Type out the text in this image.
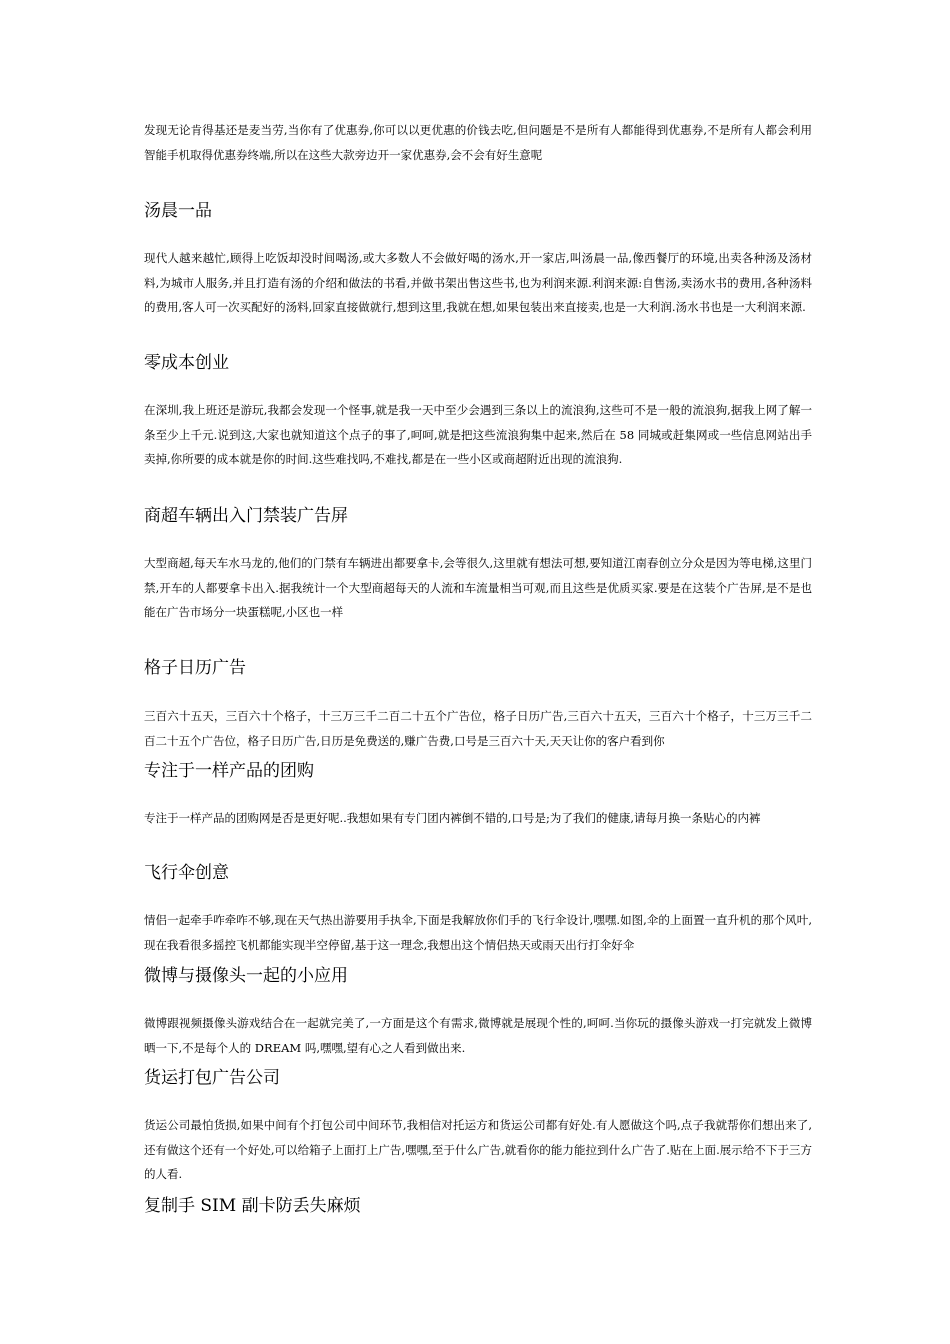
发现无论肯得基还是麦当劳,当你有了优惠券,你可以以更优惠的价钱去吃,但问题是不是所有人都能得到优惠券,不是所有人都会利用智能手机取得优惠券终端,所以在这些大款旁边开一家优惠券,会不会有好生意呢

汤晨一品

现代人越来越忙,顾得上吃饭却没时间喝汤,或大多数人不会做好喝的汤水,开一家店,叫汤晨一品,像西餐厅的环境,出卖各种汤及汤材料,为城市人服务,并且打造有汤的介绍和做法的书看,并做书架出售这些书,也为利润来源.利润来源:自售汤,卖汤水书的费用,各种汤料的费用,客人可一次买配好的汤料,回家直接做就行,想到这里,我就在想,如果包装出来直接卖,也是一大利润.汤水书也是一大利润来源.

零成本创业

在深圳,我上班还是游玩,我都会发现一个怪事,就是我一天中至少会遇到三条以上的流浪狗,这些可不是一般的流浪狗,据我上网了解一条至少上千元.说到这,大家也就知道这个点子的事了,呵呵,就是把这些流浪狗集中起来,然后在 58 同城或赶集网或一些信息网站出手卖掉,你所要的成本就是你的时间.这些难找吗,不难找,都是在一些小区或商超附近出现的流浪狗.

商超车辆出入门禁装广告屏

大型商超,每天车水马龙的,他们的门禁有车辆进出都要拿卡,会等很久,这里就有想法可想,要知道江南春创立分众是因为等电梯,这里门禁,开车的人都要拿卡出入.据我统计一个大型商超每天的人流和车流量相当可观,而且这些是优质买家.要是在这装个广告屏,是不是也能在广告市场分一块蛋糕呢,小区也一样

格子日历广告

三百六十五天，三百六十个格子，十三万三千二百二十五个广告位，格子日历广告,三百六十五天，三百六十个格子，十三万三千二百二十五个广告位，格子日历广告,日历是免费送的,赚广告费,口号是三百六十天,天天让你的客户看到你

专注于一样产品的团购

专注于一样产品的团购网是否是更好呢..我想如果有专门团内裤倒不错的,口号是;为了我们的健康,请每月换一条贴心的内裤

飞行伞创意

情侣一起牵手咋牵咋不够,现在天气热出游要用手执伞,下面是我解放你们手的飞行伞设计,嘿嘿.如图,伞的上面置一直升机的那个风叶,现在我看很多摇控飞机都能实现半空停留,基于这一理念,我想出这个情侣热天或雨天出行打伞好伞

微博与摄像头一起的小应用

微博跟视频摄像头游戏结合在一起就完美了,一方面是这个有需求,微博就是展现个性的,呵呵.当你玩的摄像头游戏一打完就发上微博晒一下,不是每个人的 DREAM 吗,嘿嘿,望有心之人看到做出来.

货运打包广告公司

货运公司最怕货损,如果中间有个打包公司中间环节,我相信对托运方和货运公司都有好处.有人愿做这个吗,点子我就帮你们想出来了,还有做这个还有一个好处,可以给箱子上面打上广告,嘿嘿,至于什么广告,就看你的能力能拉到什么广告了.贴在上面.展示给不下于三方的人看.

复制手 SIM 副卡防丢失麻烦
